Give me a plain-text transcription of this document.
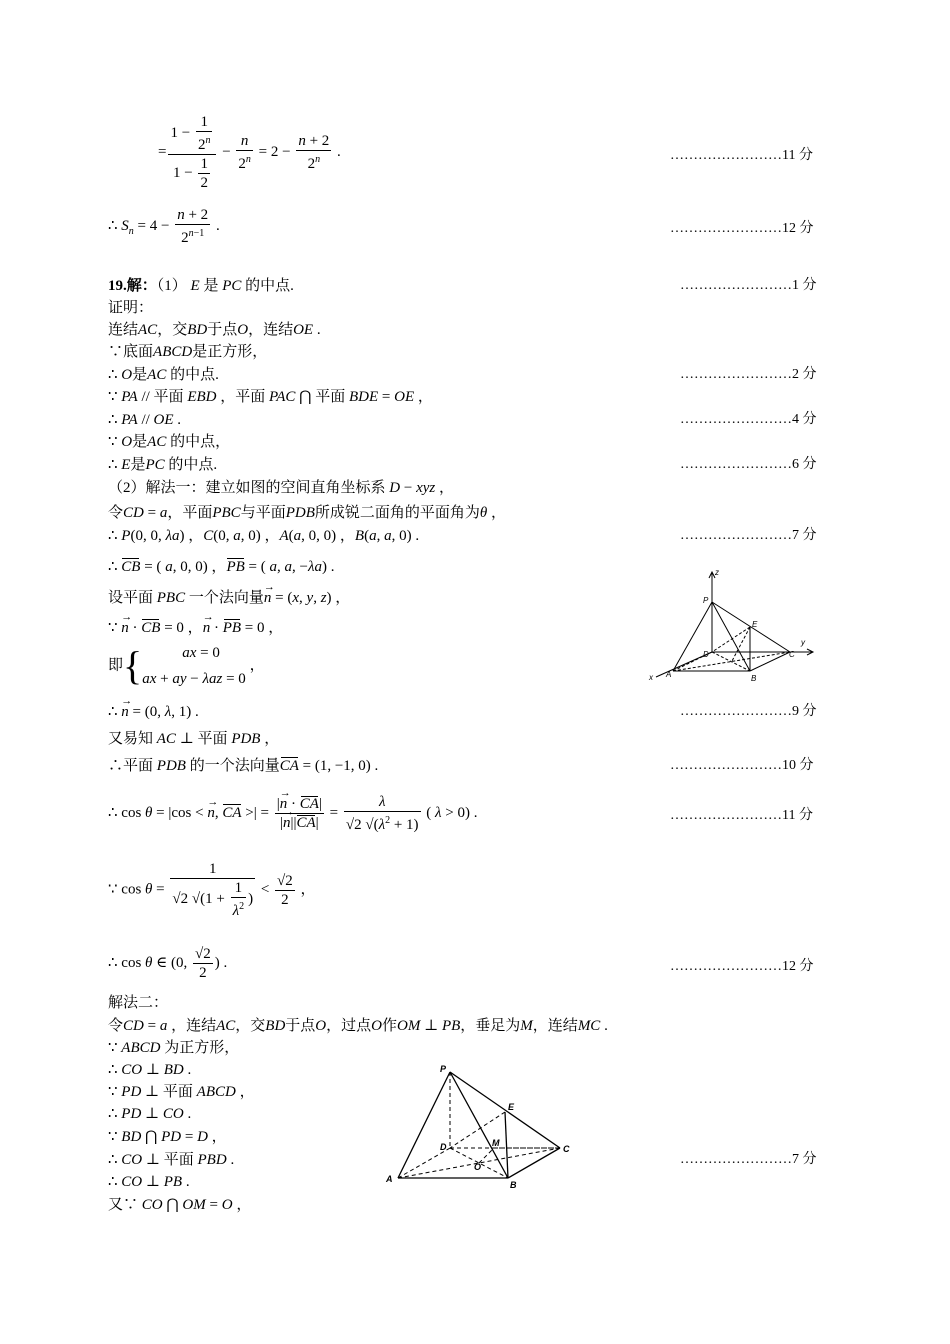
= $\frac{1 - \frac{1}{2^n}}{1 - \frac{1}{2}} - \frac{n}{2^n} = 2 - \frac{n + 2}{2^n}$ .	……………………11 分
∴ $S_n = 4 - \frac{n + 2}{2^{n-1}}$ .	……………………12 分
19.解：（1） E 是 PC 的中点.	……………………1 分
证明：
连结AC，交BD于点O，连结OE .
∵底面ABCD是正方形，
∴ O是AC 的中点.	……………………2 分
∵ PA // 平面 EBD ，平面 PAC ⋂ 平面 BDE = OE ，
∴ PA // OE .	……………………4 分
∵ O是AC 的中点，
∴ E是PC 的中点.	……………………6 分
（2）解法一：建立如图的空间直角坐标系 D − xyz ，
令CD = a，平面PBC与平面PDB所成锐二面角的平面角为θ ，
∴ P(0, 0, λa) ，C(0, a, 0) ，A(a, 0, 0) ，B(a, a, 0) .	……………………7 分
∴ CB = ( a, 0, 0) ，PB = ( a, a, −λa) .
设平面 PBC 一个法向量→ n = (x, y, z) ，
∵ → n · CB = 0 ，→ n · PB = 0 ，
即{	ax = 0
ax + ay − λaz = 0
，
∴ → n = (0, λ, 1) .	……………………9 分
又易知 AC ⊥ 平面 PDB ，
∴平面 PDB 的一个法向量CA = (1, −1, 0) .	……………………10 分
∴ cos θ = |cos < → n, CA >| = $\frac{|\to n \cdot CA|}{|\to n||CA|} = \frac{\lambda}{√2 √(\lambda^2 + 1)}$ ( λ > 0) .	……………………11 分
∵ $\cos \theta = \frac{1}{√2 √(1 + \frac{1}{\lambda^2} )} < \frac{√2}{2}$ ，
∴ cos θ ∈ (0, $\frac{√2}{2}$ ) .	……………………12 分
解法二：
令CD = a ，连结AC，交BD于点O，过点O作OM ⊥ PB，垂足为M，连结MC .
∵ ABCD 为正方形，
∴ CO ⊥ BD .
∵ PD ⊥ 平面 ABCD ，
∴ PD ⊥ CO .
∵ BD ⋂ PD = D ，
∴ CO ⊥ 平面 PBD .	……………………7 分
∴ CO ⊥ PB .
又∵ CO ⋂ OM = O ，
z
P
E
y
D	C
x A	B
P
E
D	M
C
O
A
B
